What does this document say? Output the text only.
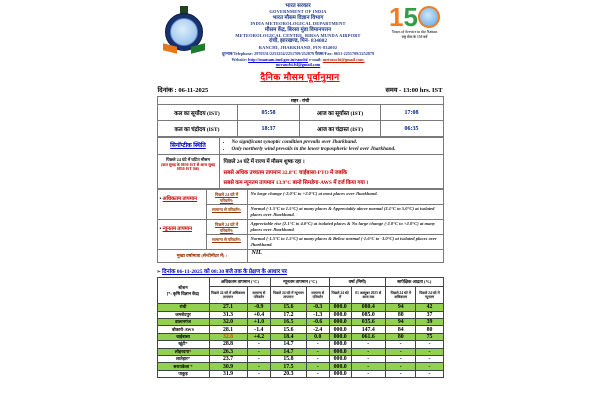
भारत सरकार
GOVERNMENT OF INDIA
भारत मौसम विज्ञान विभाग
INDIA METEOROLOGICAL DEPARTMENT
मौसम केंद्र, बिरसा मुंडा विमानपत्तन
METEOROLOGICAL CENTRE, BIRSA MUNDA AIRPORT
रांची, झारखण्ड, पिन- 834002
RANCHI, JHARKHAND, PIN-834002
दूरभाष/Telephone: 2970331/2253254/2251709/252879 फैक्स/Fax: 0651-2251709/2252879
Website: http://mausam.imd.gov.in/ranchi/ e-mail: metranchi@gmail.com, mcranchi.fsl@gmail.com
15
Years of Service to the Nation
राष्ट्र सेवा के 150 वर्ष
दैनिक मौसम पूर्वानुमान
दिनांक : 06-11-2025	समय - 13:00 hrs. IST
शहर : रांची			
कल का सूर्योदय (IST)	05:58	आज का सूर्यास्त (IST)	17:08
कल का चंद्रोदय (IST)	18:37	आज का चंद्रास्त (IST)	06:35
सिनॉप्टीक स्थिति	
• No significant synoptic condition prevails over Jharkhand.
• Only northerly wind prevails in the lower tropospheric level over Jharkhand.

पिछले 24 घंटे में घटित मौसम
(कल सुबह के 0830 IST से आज सुबह 0830 IST तक)

पिछले 24 घंटे में राज्य में मौसम शुष्क रहा ।
सबसे अधिक उच्चतम तापमान 32.8°C चाईबासा-PTO में जबकि
सबसे कम न्यूनतम तापमान 13.9°C बानो सिमडेगा-AWS में दर्ज किया गया ।
• अधिकतम तापमान	पिछले 24 घंटे में परिवर्तन:	No large change (-2.0°C to +2.0°C) at most places over Jharkhand.
	सामान्य से परिवर्तन:	Normal (-1.5°C to 1.5°C) at many places & Appreciably above normal (3.1°C to 5.0°C) at isolated places over Jharkhand.
• न्यूनतम तापमान	पिछले 24 घंटे में परिवर्तन:	Appreciable rise (2.1°C to 4.0°C) at isolated places & No large change (-2.0°C to +2.0°C) at many places over Jharkhand.
	सामान्य से परिवर्तन:	Normal (-1.5°C to 1.5°C) at many places & Below normal (-1.6°C to -3.0°C) at isolated places over Jharkhand.
मुख्य वर्षामात्रा (सेन्टीमीटर में) :		NIL
➢ दिनांक 06-11-2025 को 08:30 बजे तक के प्रेक्षण के आधार पर
स्टेशन
[*: कृषि विज्ञान केंद्र]	अधिकतम तापमान (°C)		न्यूनतम तापमान (°C)		वर्षा (मिमी)		सापेक्षिक आद्रता (%)	
	पिछले 24 घंटे में अधिकतम तापमान	सामान्य से परिवर्तन	पिछले 24 घंटे में न्यूनतम तापमान	सामान्य से परिवर्तन	पिछले 24 घंटे में	01 अक्टूबर 2025 से आज तक	पिछले 24 घंटे में अधिकतम	पिछले 24 घंटे में न्यूनतम
रांची	27.1	-0.9	15.6	-0.3	000.0	080.4	94	42
जमशेदपुर	31.3	+0.4	17.2	-1.3	000.0	085.0	88	37
डाल्टनगंज	32.0	+1.0	16.5	-0.6	000.0	035.6	94	39
बोकारो-AWS	28.1	-1.4	15.6	-2.4	000.0	147.4	84	80
चाईबासा	32.8	+4.2	18.4	0.0	000.0	061.6	80	75
खूंटी*	28.8	-	14.7	-	000.0	-	-	-
लोहरदगा*	26.3	-	14.7	-	000.0	-	-	-
लातेहार*	23.7	-	15.8	-	000.0	-	-	-
सरायकेला *	30.9	-	17.5	-	000.0	-	-	-
पाकुड़	31.9	-	20.3	-	000.0	-	-	-
